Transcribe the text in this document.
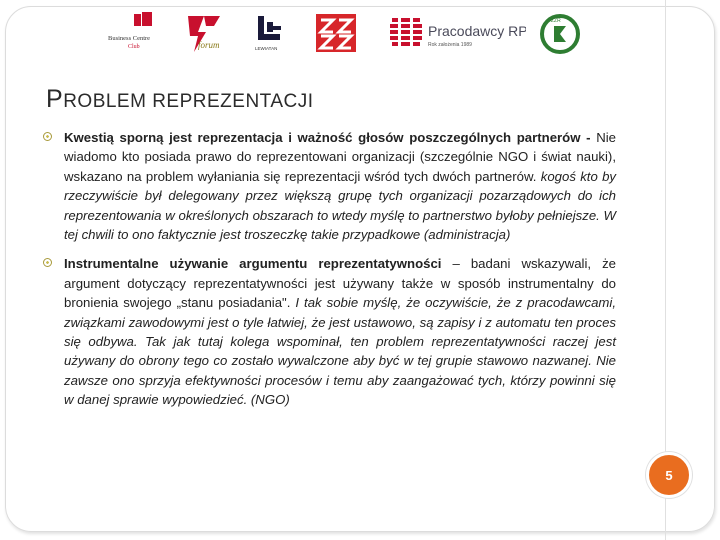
Business Centre
Club	forum	LEWIATAN
Pracodawcy RP
Rok założenia 1989
ZZR
PROBLEM REPREZENTACJI
Kwestią sporną jest reprezentacja i ważność głosów poszczególnych partnerów - Nie wiadomo kto posiada prawo do reprezentowani organizacji (szczególnie NGO i świat nauki), wskazano na problem wyłaniania się reprezentacji wśród tych dwóch partnerów. kogoś kto by rzeczywiście był delegowany przez większą grupę tych organizacji pozarządowych do ich reprezentowania w określonych obszarach to wtedy myślę to partnerstwo byłoby pełniejsze. W tej chwili to ono faktycznie jest troszeczkę takie przypadkowe (administracja)
Instrumentalne używanie argumentu reprezentatywności – badani wskazywali, że argument dotyczący reprezentatywności jest używany także w sposób instrumentalny do bronienia swojego „stanu posiadania". I tak sobie myślę, że oczywiście, że z pracodawcami, związkami zawodowymi jest o tyle łatwiej, że jest ustawowo, są zapisy i z automatu ten proces się odbywa. Tak jak tutaj kolega wspominał, ten problem reprezentatywności raczej jest używany do obrony tego co zostało wywalczone aby być w tej grupie stawowo nazwanej. Nie zawsze ono sprzyja efektywności procesów i temu aby zaangażować tych, którzy powinni się w danej sprawie wypowiedzieć. (NGO)
5
